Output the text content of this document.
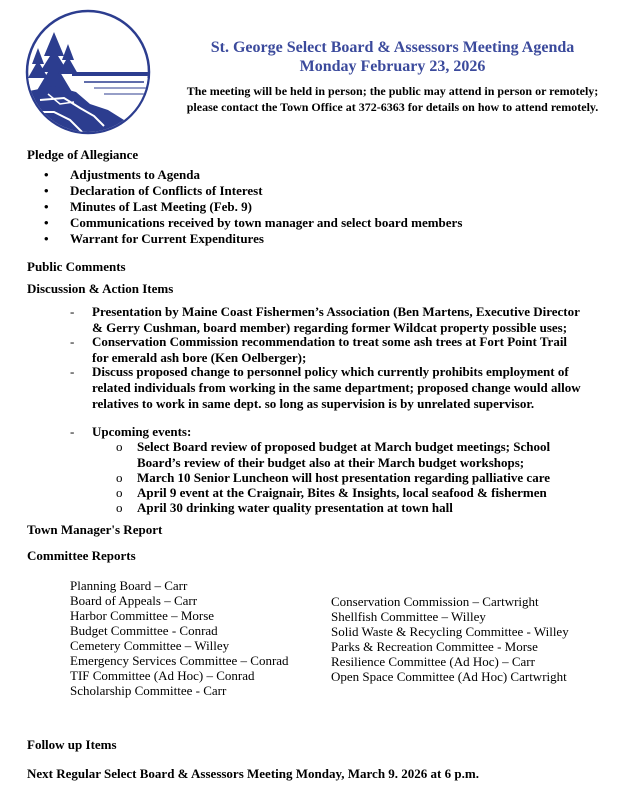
St. George Select Board & Assessors Meeting Agenda
Monday February 23, 2026
The meeting will be held in person; the public may attend in person or remotely;
please contact the Town Office at 372-6363 for details on how to attend remotely.
Pledge of Allegiance
• Adjustments to Agenda
• Declaration of Conflicts of Interest
• Minutes of Last Meeting (Feb. 9)
• Communications received by town manager and select board members
• Warrant for Current Expenditures
Public Comments
Discussion & Action Items
- Presentation by Maine Coast Fishermen’s Association (Ben Martens, Executive Director
& Gerry Cushman, board member) regarding former Wildcat property possible uses;
- Conservation Commission recommendation to treat some ash trees at Fort Point Trail
for emerald ash bore (Ken Oelberger);
- Discuss proposed change to personnel policy which currently prohibits employment of
related individuals from working in the same department; proposed change would allow
relatives to work in same dept. so long as supervision is by unrelated supervisor.
- Upcoming events:
o Select Board review of proposed budget at March budget meetings; School
Board’s review of their budget also at their March budget workshops;
o March 10 Senior Luncheon will host presentation regarding palliative care
o April 9 event at the Craignair, Bites & Insights, local seafood & fishermen
o April 30 drinking water quality presentation at town hall
Town Manager's Report
Committee Reports
Planning Board – Carr
Board of Appeals – Carr
Harbor Committee – Morse
Budget Committee - Conrad
Cemetery Committee – Willey
Emergency Services Committee – Conrad
TIF Committee (Ad Hoc) – Conrad
Scholarship Committee - Carr
Conservation Commission – Cartwright
Shellfish Committee – Willey
Solid Waste & Recycling Committee - Willey
Parks & Recreation Committee - Morse
Resilience Committee (Ad Hoc) – Carr
Open Space Committee (Ad Hoc) Cartwright
Follow up Items
Next Regular Select Board & Assessors Meeting Monday, March 9. 2026 at 6 p.m.
